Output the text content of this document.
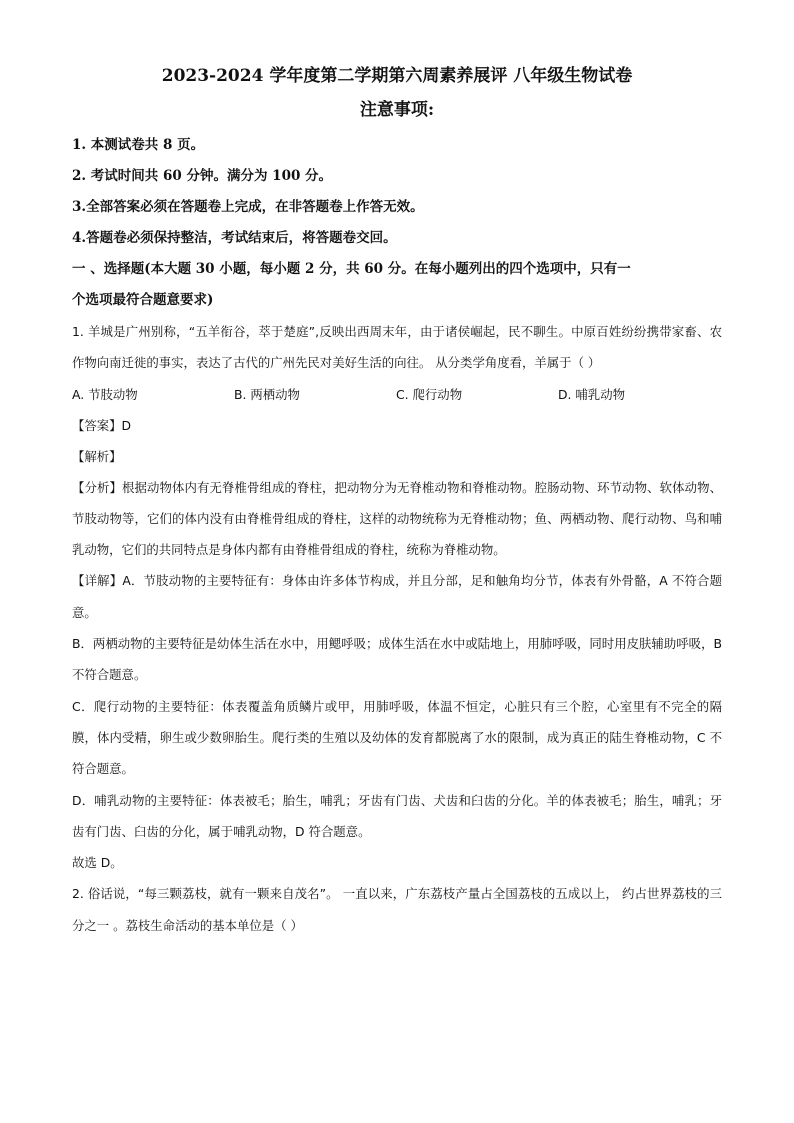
2023-2024 学年度第二学期第六周素养展评 八年级生物试卷
注意事项:
1. 本测试卷共 8 页。
2. 考试时间共 60 分钟。满分为 100 分。
3.全部答案必须在答题卷上完成，在非答题卷上作答无效。
4.答题卷必须保持整洁，考试结束后，将答题卷交回。
一 、选择题(本大题 30 小题，每小题 2 分，共 60 分。在每小题列出的四个选项中，只有一
个选项最符合题意要求)
1. 羊城是广州别称，“五羊衔谷，萃于楚庭”,反映出西周末年，由于诸侯崛起，民不聊生。中原百姓纷纷携带家畜、农作物向南迁徙的事实，表达了古代的广州先民对美好生活的向往。 从分类学角度看，羊属于（ ）
A. 节肢动物	B. 两栖动物	C. 爬行动物	D. 哺乳动物
【答案】D
【解析】
【分析】根据动物体内有无脊椎骨组成的脊柱，把动物分为无脊椎动物和脊椎动物。腔肠动物、环节动物、软体动物、节肢动物等，它们的体内没有由脊椎骨组成的脊柱，这样的动物统称为无脊椎动物；鱼、两栖动物、爬行动物、鸟和哺乳动物，它们的共同特点是身体内都有由脊椎骨组成的脊柱，统称为脊椎动物。
【详解】A．节肢动物的主要特征有：身体由许多体节构成，并且分部，足和触角均分节，体表有外骨骼，A 不符合题意。
B．两栖动物的主要特征是幼体生活在水中，用鳃呼吸；成体生活在水中或陆地上，用肺呼吸，同时用皮肤辅助呼吸，B 不符合题意。
C．爬行动物的主要特征：体表覆盖角质鳞片或甲，用肺呼吸，体温不恒定，心脏只有三个腔，心室里有不完全的隔膜，体内受精，卵生或少数卵胎生。爬行类的生殖以及幼体的发育都脱离了水的限制，成为真正的陆生脊椎动物，C 不符合题意。
D．哺乳动物的主要特征：体表被毛；胎生，哺乳；牙齿有门齿、犬齿和臼齿的分化。羊的体表被毛；胎生，哺乳；牙齿有门齿、臼齿的分化，属于哺乳动物，D 符合题意。
故选 D。
2. 俗话说，“每三颗荔枝，就有一颗来自茂名”。 一直以来，广东荔枝产量占全国荔枝的五成以上， 约占世界荔枝的三分之一 。荔枝生命活动的基本单位是（ ）
